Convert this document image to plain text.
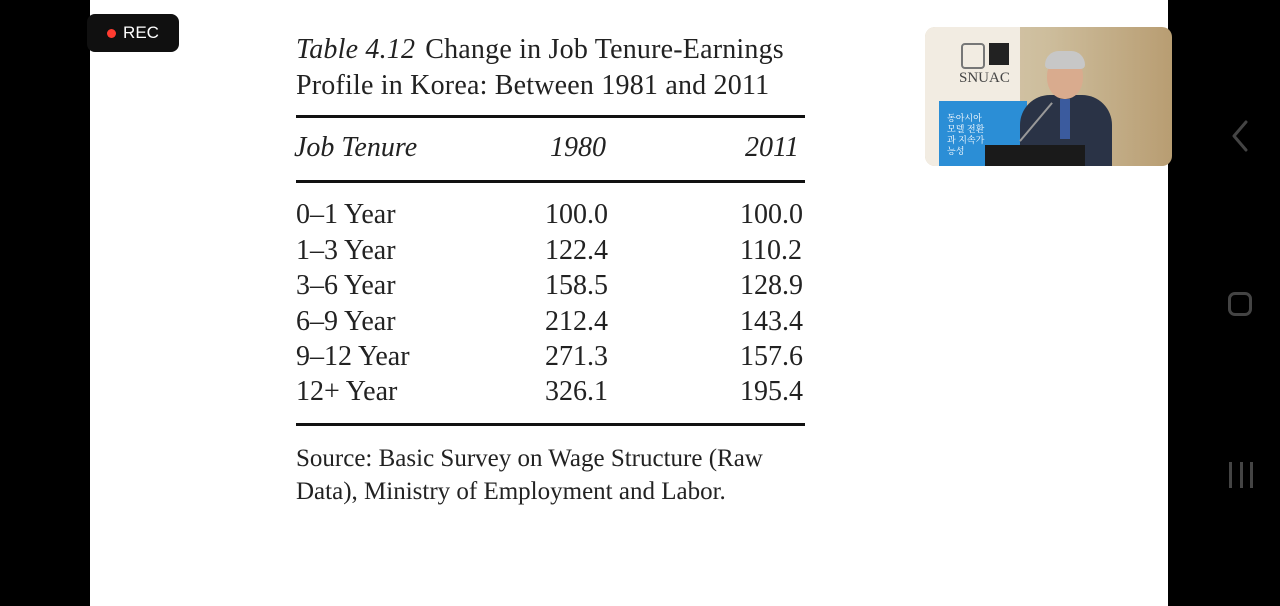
REC
Table 4.12 Change in Job Tenure-Earnings
Profile in Korea: Between 1981 and 2011
Job Tenure	1980	2011
0–1 Year	100.0	100.0
1–3 Year	122.4	110.2
3–6 Year	158.5	128.9
6–9 Year	212.4	143.4
9–12 Year	271.3	157.6
12+ Year	326.1	195.4
Source: Basic Survey on Wage Structure (Raw
Data), Ministry of Employment and Labor.
SNUAC
동아시아 모델 전환과 지속가능성
